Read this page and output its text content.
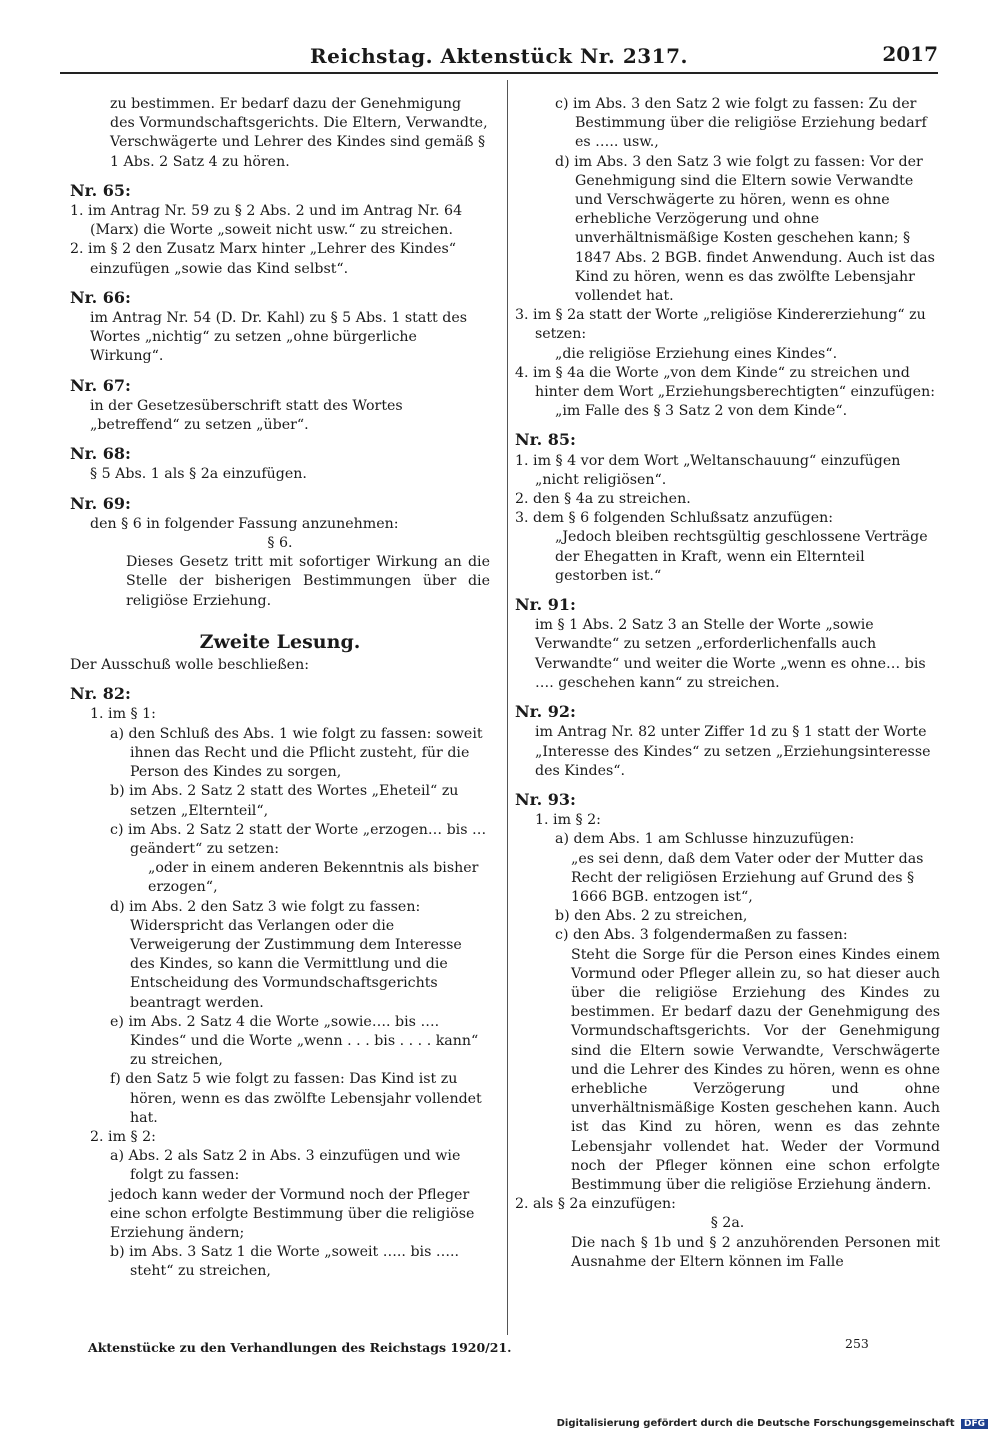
Reichstag. Aktenstück Nr. 2317.	2017

zu bestimmen. Er bedarf dazu der Genehmigung des Vormundschaftsgerichts. Die Eltern, Verwandte, Verschwägerte und Lehrer des Kindes sind gemäß § 1 Abs. 2 Satz 4 zu hören.

Nr. 65:

1. im Antrag Nr. 59 zu § 2 Abs. 2 und im Antrag Nr. 64 (Marx) die Worte „soweit nicht usw.“ zu streichen.

2. im § 2 den Zusatz Marx hinter „Lehrer des Kindes“ einzufügen „sowie das Kind selbst“.

Nr. 66:

im Antrag Nr. 54 (D. Dr. Kahl) zu § 5 Abs. 1 statt des Wortes „nichtig“ zu setzen „ohne bürgerliche Wirkung“.

Nr. 67:

in der Gesetzesüberschrift statt des Wortes „betreffend“ zu setzen „über“.

Nr. 68:

§ 5 Abs. 1 als § 2a einzufügen.

Nr. 69:

den § 6 in folgender Fassung anzunehmen:

§ 6.

Dieses Gesetz tritt mit sofortiger Wirkung an die Stelle der bisherigen Bestimmungen über die religiöse Erziehung.

Zweite Lesung.

Der Ausschuß wolle beschließen:

Nr. 82:

1. im § 1:

a) den Schluß des Abs. 1 wie folgt zu fassen: soweit ihnen das Recht und die Pflicht zusteht, für die Person des Kindes zu sorgen,

b) im Abs. 2 Satz 2 statt des Wortes „Eheteil“ zu setzen „Elternteil“,

c) im Abs. 2 Satz 2 statt der Worte „erzogen… bis … geändert“ zu setzen:

„oder in einem anderen Bekenntnis als bisher erzogen“,

d) im Abs. 2 den Satz 3 wie folgt zu fassen: Widerspricht das Verlangen oder die Verweigerung der Zustimmung dem Interesse des Kindes, so kann die Vermittlung und die Entscheidung des Vormundschaftsgerichts beantragt werden.

e) im Abs. 2 Satz 4 die Worte „sowie…. bis …. Kindes“ und die Worte „wenn . . . bis . . . . kann“ zu streichen,

f) den Satz 5 wie folgt zu fassen: Das Kind ist zu hören, wenn es das zwölfte Lebensjahr vollendet hat.

2. im § 2:

a) Abs. 2 als Satz 2 in Abs. 3 einzufügen und wie folgt zu fassen:

jedoch kann weder der Vormund noch der Pfleger eine schon erfolgte Bestimmung über die religiöse Erziehung ändern;

b) im Abs. 3 Satz 1 die Worte „soweit ….. bis ….. steht“ zu streichen,

c) im Abs. 3 den Satz 2 wie folgt zu fassen: Zu der Bestimmung über die religiöse Erziehung bedarf es ….. usw.,

d) im Abs. 3 den Satz 3 wie folgt zu fassen: Vor der Genehmigung sind die Eltern sowie Verwandte und Verschwägerte zu hören, wenn es ohne erhebliche Verzögerung und ohne unverhältnismäßige Kosten geschehen kann; § 1847 Abs. 2 BGB. findet Anwendung. Auch ist das Kind zu hören, wenn es das zwölfte Lebensjahr vollendet hat.

3. im § 2a statt der Worte „religiöse Kindererziehung“ zu setzen:

„die religiöse Erziehung eines Kindes“.

4. im § 4a die Worte „von dem Kinde“ zu streichen und hinter dem Wort „Erziehungsberechtigten“ einzufügen:

„im Falle des § 3 Satz 2 von dem Kinde“.

Nr. 85:

1. im § 4 vor dem Wort „Weltanschauung“ einzufügen „nicht religiösen“.

2. den § 4a zu streichen.

3. dem § 6 folgenden Schlußsatz anzufügen:

„Jedoch bleiben rechtsgültig geschlossene Verträge der Ehegatten in Kraft, wenn ein Elternteil gestorben ist.“

Nr. 91:

im § 1 Abs. 2 Satz 3 an Stelle der Worte „sowie Verwandte“ zu setzen „erforderlichenfalls auch Verwandte“ und weiter die Worte „wenn es ohne… bis …. geschehen kann“ zu streichen.

Nr. 92:

im Antrag Nr. 82 unter Ziffer 1d zu § 1 statt der Worte „Interesse des Kindes“ zu setzen „Erziehungsinteresse des Kindes“.

Nr. 93:

1. im § 2:

a) dem Abs. 1 am Schlusse hinzuzufügen:

„es sei denn, daß dem Vater oder der Mutter das Recht der religiösen Erziehung auf Grund des § 1666 BGB. entzogen ist“,

b) den Abs. 2 zu streichen,

c) den Abs. 3 folgendermaßen zu fassen:

Steht die Sorge für die Person eines Kindes einem Vormund oder Pfleger allein zu, so hat dieser auch über die religiöse Erziehung des Kindes zu bestimmen. Er bedarf dazu der Genehmigung des Vormundschaftsgerichts. Vor der Genehmigung sind die Eltern sowie Verwandte, Verschwägerte und die Lehrer des Kindes zu hören, wenn es ohne erhebliche Verzögerung und ohne unverhältnismäßige Kosten geschehen kann. Auch ist das Kind zu hören, wenn es das zehnte Lebensjahr vollendet hat. Weder der Vormund noch der Pfleger können eine schon erfolgte Bestimmung über die religiöse Erziehung ändern.

2. als § 2a einzufügen:

§ 2a.

Die nach § 1b und § 2 anzuhörenden Personen mit Ausnahme der Eltern können im Falle

Aktenstücke zu den Verhandlungen des Reichstags 1920/21.	253
Digitalisierung gefördert durch die Deutsche Forschungsgemeinschaft DFG
